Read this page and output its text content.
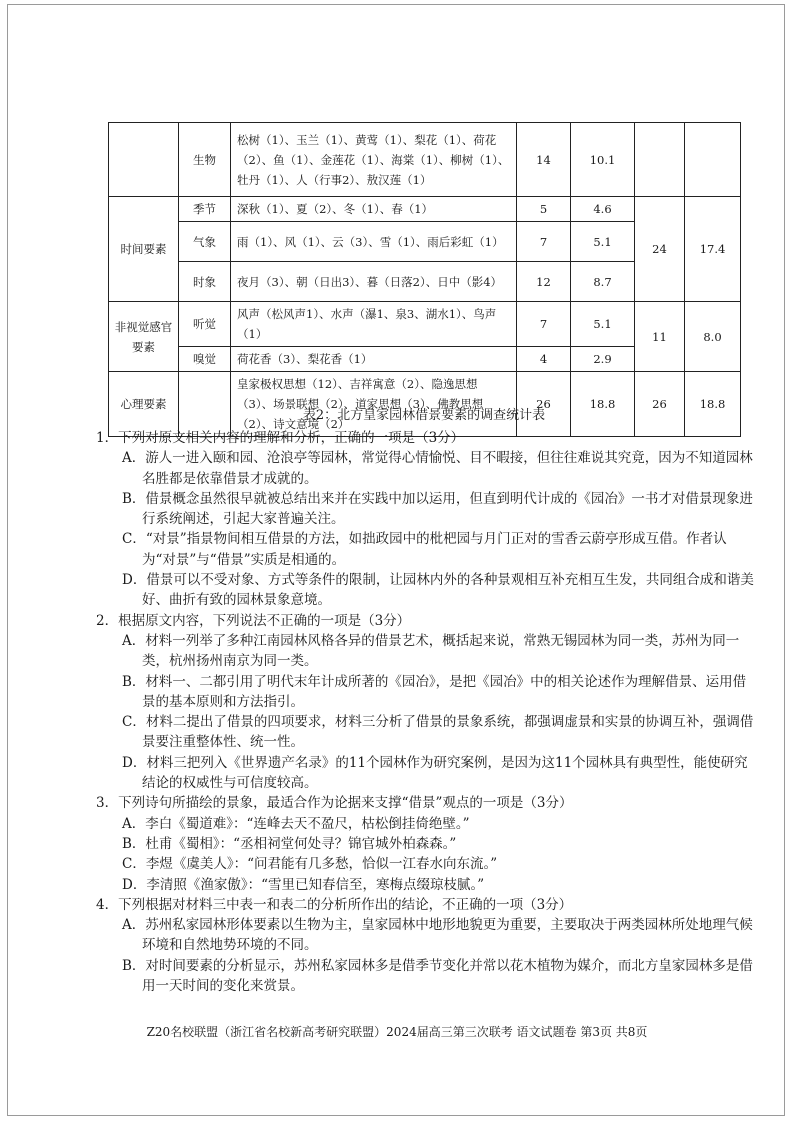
	生物	松树（1）、玉兰（1）、黄莺（1）、梨花（1）、荷花（2）、鱼（1）、金莲花（1）、海棠（1）、柳树（1）、牡丹（1）、人（行事2）、敖汉莲（1）	14	10.1		
时间要素	季节	深秋（1）、夏（2）、冬（1）、春（1）	5	4.6	24	17.4
	气象	雨（1）、风（1）、云（3）、雪（1）、雨后彩虹（1）	7	5.1		
	时象	夜月（3）、朝（日出3）、暮（日落2）、日中（影4）	12	8.7		
非视觉感官要素	听觉	风声（松风声1）、水声（瀑1、泉3、湖水1）、鸟声（1）	7	5.1	11	8.0
	嗅觉	荷花香（3）、梨花香（1）	4	2.9		
心理要素		皇家极权思想（12）、吉祥寓意（2）、隐逸思想（3）、场景联想（2）、道家思想（3）、佛教思想（2）、诗文意境（2）	26	18.8	26	18.8
表2：北方皇家园林借景要素的调查统计表

1．下列对原文相关内容的理解和分析，正确的一项是（3分）

A．游人一进入颐和园、沧浪亭等园林，常觉得心情愉悦、目不暇接，但往往难说其究竟，因为不知道园林名胜都是依靠借景才成就的。

B．借景概念虽然很早就被总结出来并在实践中加以运用，但直到明代计成的《园冶》一书才对借景现象进行系统阐述，引起大家普遍关注。

C．“对景”指景物间相互借景的方法，如拙政园中的枇杷园与月门正对的雪香云蔚亭形成互借。作者认为“对景”与“借景”实质是相通的。

D．借景可以不受对象、方式等条件的限制，让园林内外的各种景观相互补充相互生发，共同组合成和谐美好、曲折有致的园林景象意境。

2．根据原文内容，下列说法不正确的一项是（3分）

A．材料一列举了多种江南园林风格各异的借景艺术，概括起来说，常熟无锡园林为同一类，苏州为同一类，杭州扬州南京为同一类。

B．材料一、二都引用了明代末年计成所著的《园冶》，是把《园冶》中的相关论述作为理解借景、运用借景的基本原则和方法指引。

C．材料二提出了借景的四项要求，材料三分析了借景的景象系统，都强调虚景和实景的协调互补，强调借景要注重整体性、统一性。

D．材料三把列入《世界遗产名录》的11个园林作为研究案例，是因为这11个园林具有典型性，能使研究结论的权威性与可信度较高。

3．下列诗句所描绘的景象，最适合作为论据来支撑“借景”观点的一项是（3分）

A．李白《蜀道难》：“连峰去天不盈尺，枯松倒挂倚绝壁。”

B．杜甫《蜀相》：“丞相祠堂何处寻？锦官城外柏森森。”

C．李煜《虞美人》：“问君能有几多愁，恰似一江春水向东流。”

D．李清照《渔家傲》：“雪里已知春信至，寒梅点缀琼枝腻。”

4．下列根据对材料三中表一和表二的分析所作出的结论，不正确的一项（3分）

A．苏州私家园林形体要素以生物为主，皇家园林中地形地貌更为重要，主要取决于两类园林所处地理气候环境和自然地势环境的不同。

B．对时间要素的分析显示，苏州私家园林多是借季节变化并常以花木植物为媒介，而北方皇家园林多是借用一天时间的变化来赏景。

Z20名校联盟（浙江省名校新高考研究联盟）2024届高三第三次联考 语文试题卷 第3页 共8页
